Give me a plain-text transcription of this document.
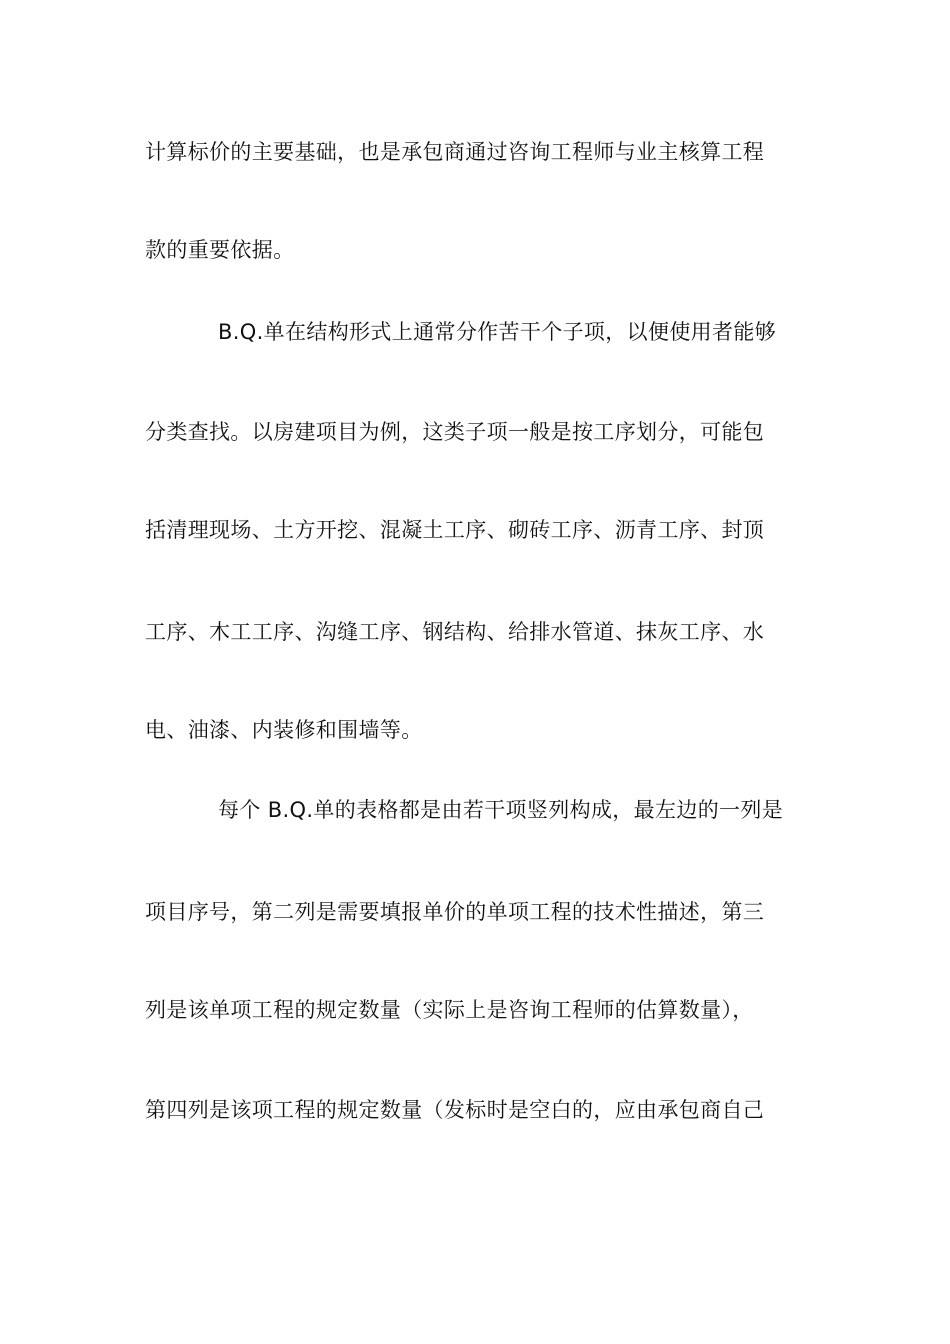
计算标价的主要基础，也是承包商通过咨询工程师与业主核算工程
款的重要依据。
B.Q.单在结构形式上通常分作苦干个子项，以便使用者能够
分类查找。以房建项目为例，这类子项一般是按工序划分，可能包
括清理现场、土方开挖、混凝土工序、砌砖工序、沥青工序、封顶
工序、木工工序、沟缝工序、钢结构、给排水管道、抹灰工序、水
电、油漆、内装修和围墙等。
每个 B.Q.单的表格都是由若干项竖列构成，最左边的一列是
项目序号，第二列是需要填报单价的单项工程的技术性描述，第三
列是该单项工程的规定数量（实际上是咨询工程师的估算数量），
第四列是该项工程的规定数量（发标时是空白的，应由承包商自己
